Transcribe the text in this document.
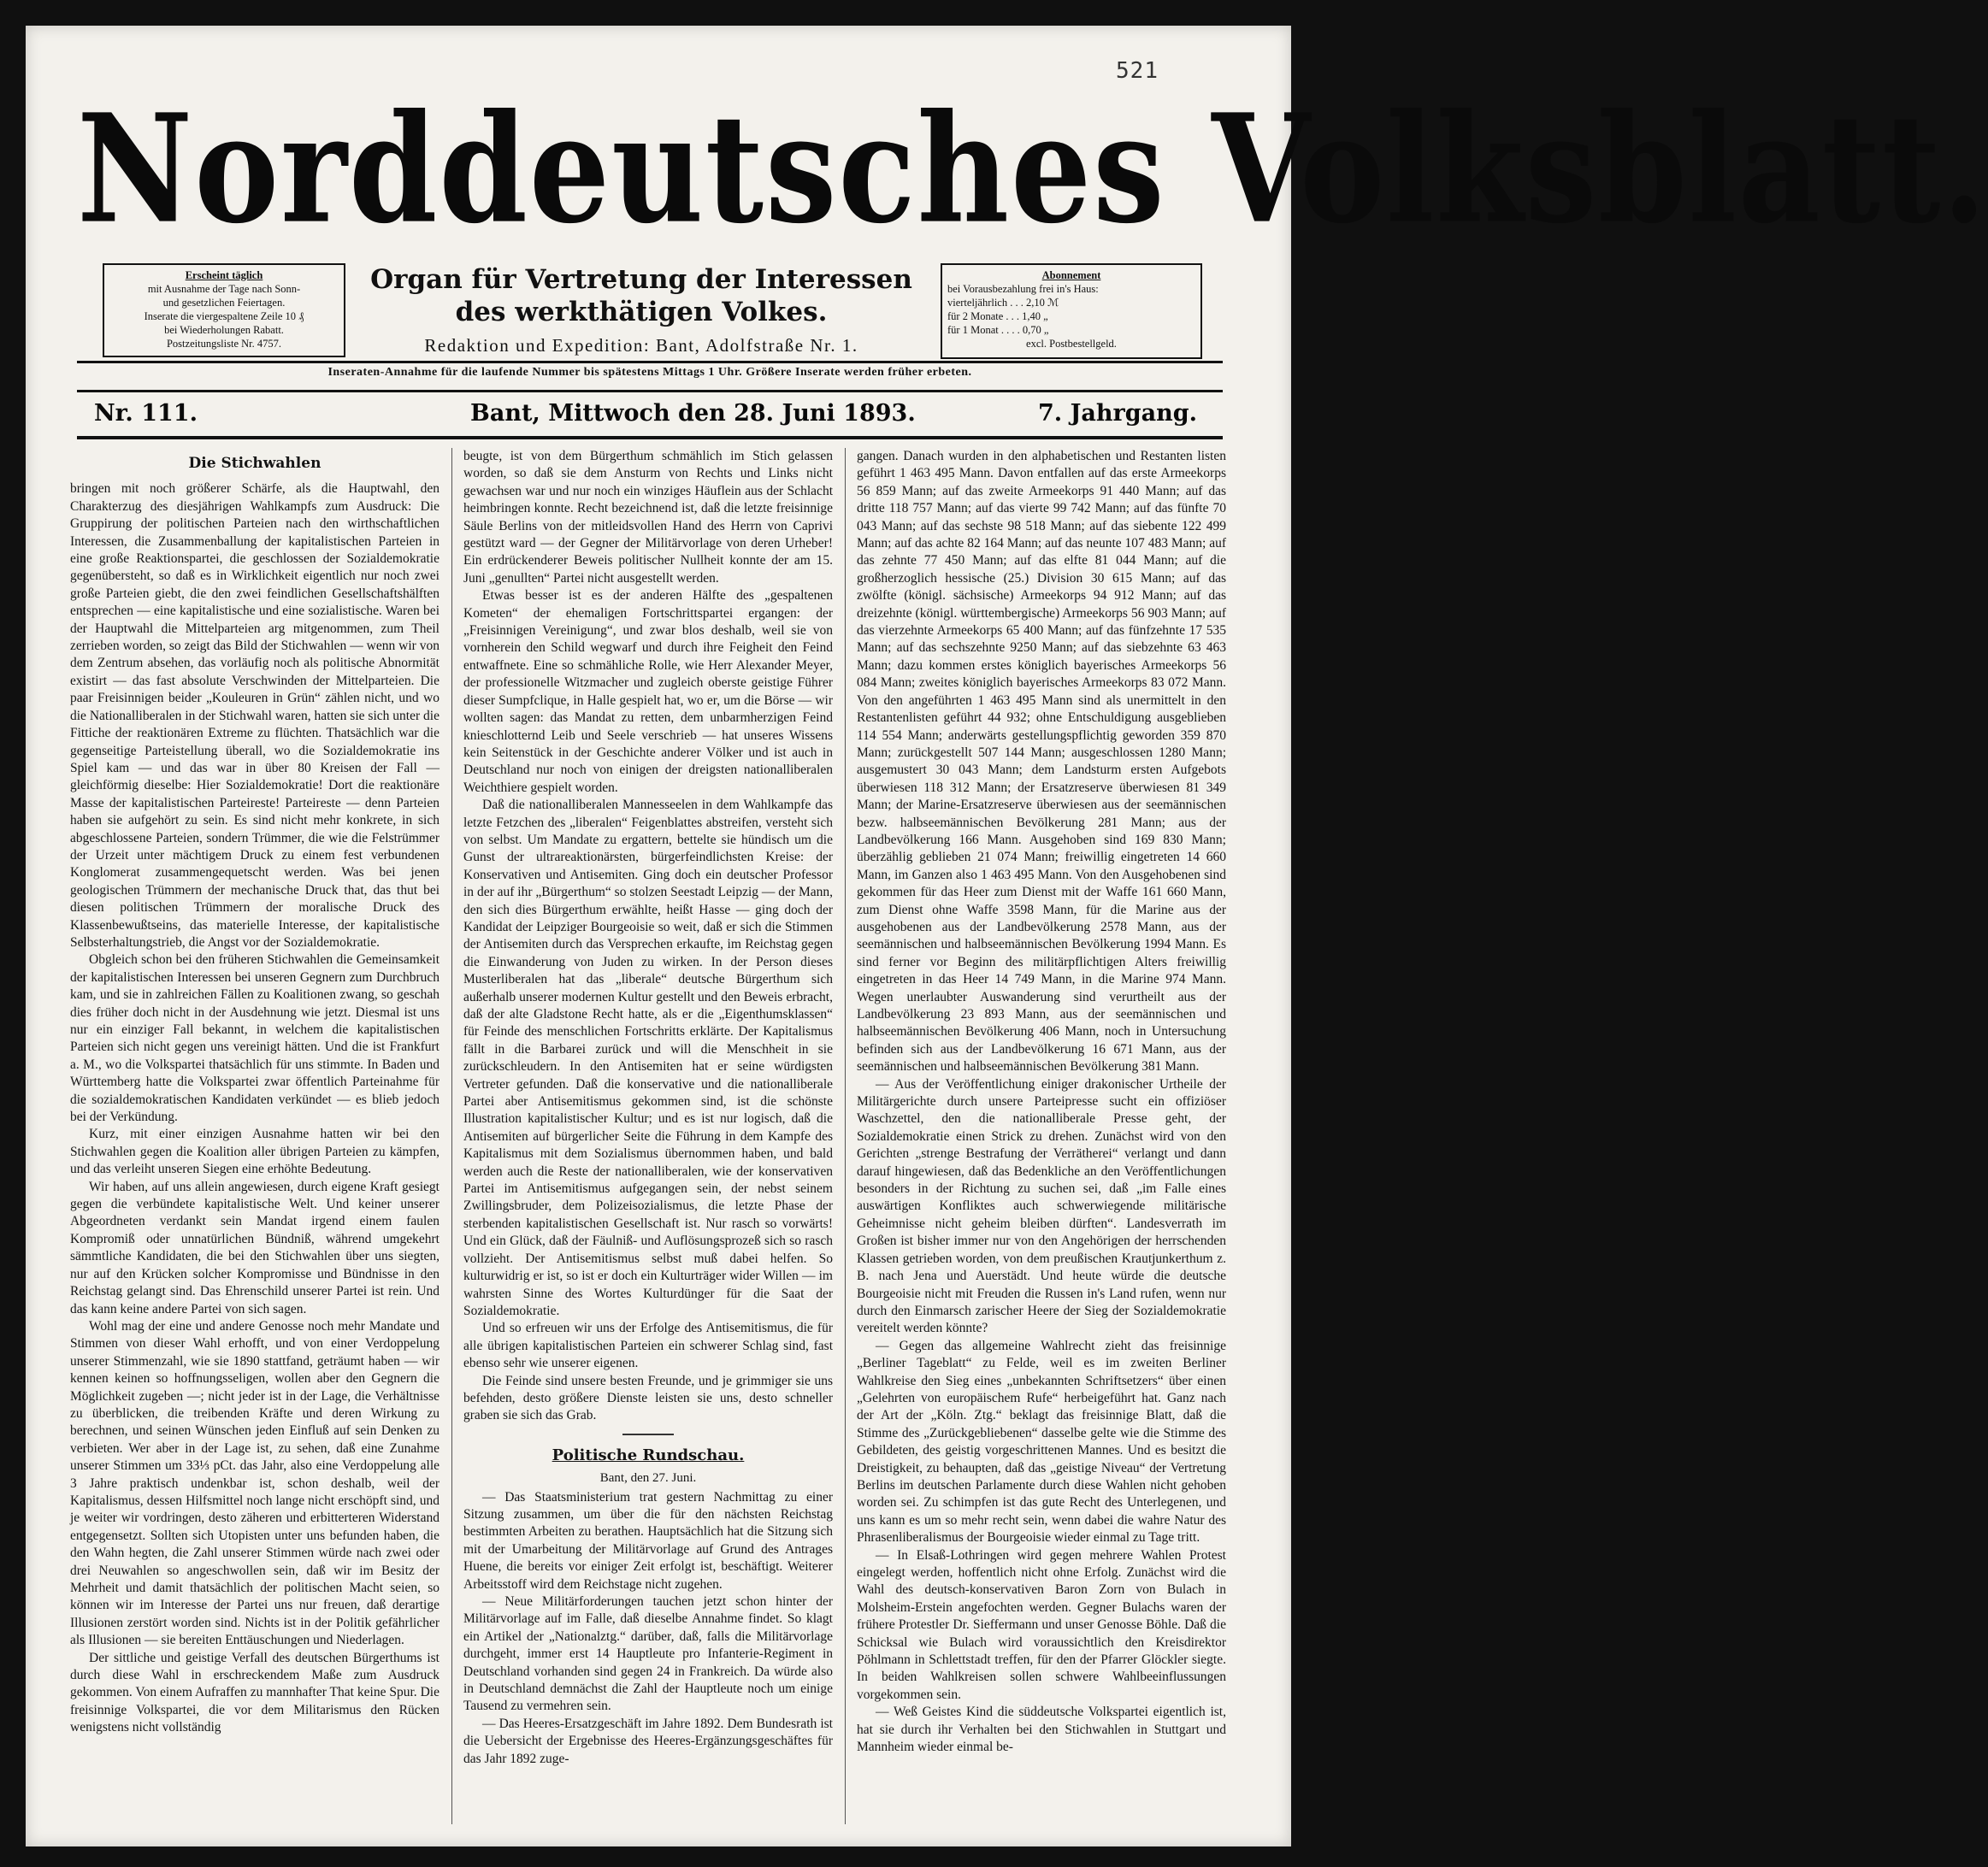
521
Norddeutsches Volksblatt.
Erscheint täglich
mit Ausnahme der Tage nach Sonn-
und gesetzlichen Feiertagen.
Inserate die viergespaltene Zeile 10 ₰
bei Wiederholungen Rabatt.
Postzeitungsliste Nr. 4757.
Organ für Vertretung der Interessen
des werkthätigen Volkes.
Redaktion und Expedition: Bant, Adolfstraße Nr. 1.
Abonnement
bei Vorausbezahlung frei in's Haus:
vierteljährlich . . . 2,10 ℳ
für 2 Monate . . . 1,40 „
für 1 Monat . . . . 0,70 „
excl. Postbestellgeld.
Inseraten-Annahme für die laufende Nummer bis spätestens Mittags 1 Uhr. Größere Inserate werden früher erbeten.
Nr. 111.	Bant, Mittwoch den 28. Juni 1893.	7. Jahrgang.
Die Stichwahlen

bringen mit noch größerer Schärfe, als die Hauptwahl, den Charakterzug des diesjährigen Wahlkampfs zum Ausdruck: Die Gruppirung der politischen Parteien nach den wirthschaftlichen Interessen, die Zusammenballung der kapitalistischen Parteien in eine große Reaktionspartei, die geschlossen der Sozialdemokratie gegenübersteht, so daß es in Wirklichkeit eigentlich nur noch zwei große Parteien giebt, die den zwei feindlichen Gesellschaftshälften entsprechen — eine kapitalistische und eine sozialistische. Waren bei der Hauptwahl die Mittelparteien arg mitgenommen, zum Theil zerrieben worden, so zeigt das Bild der Stichwahlen — wenn wir von dem Zentrum absehen, das vorläufig noch als politische Abnormität existirt — das fast absolute Verschwinden der Mittelparteien. Die paar Freisinnigen beider „Kouleuren in Grün“ zählen nicht, und wo die Nationalliberalen in der Stichwahl waren, hatten sie sich unter die Fittiche der reaktionären Extreme zu flüchten. Thatsächlich war die gegenseitige Parteistellung überall, wo die Sozialdemokratie ins Spiel kam — und das war in über 80 Kreisen der Fall — gleichförmig dieselbe: Hier Sozialdemokratie! Dort die reaktionäre Masse der kapitalistischen Parteireste! Parteireste — denn Parteien haben sie aufgehört zu sein. Es sind nicht mehr konkrete, in sich abgeschlossene Parteien, sondern Trümmer, die wie die Felstrümmer der Urzeit unter mächtigem Druck zu einem fest verbundenen Konglomerat zusammengequetscht werden. Was bei jenen geologischen Trümmern der mechanische Druck that, das thut bei diesen politischen Trümmern der moralische Druck des Klassenbewußtseins, das materielle Interesse, der kapitalistische Selbsterhaltungstrieb, die Angst vor der Sozialdemokratie.

Obgleich schon bei den früheren Stichwahlen die Gemeinsamkeit der kapitalistischen Interessen bei unseren Gegnern zum Durchbruch kam, und sie in zahlreichen Fällen zu Koalitionen zwang, so geschah dies früher doch nicht in der Ausdehnung wie jetzt. Diesmal ist uns nur ein einziger Fall bekannt, in welchem die kapitalistischen Parteien sich nicht gegen uns vereinigt hätten. Und die ist Frankfurt a. M., wo die Volkspartei thatsächlich für uns stimmte. In Baden und Württemberg hatte die Volkspartei zwar öffentlich Parteinahme für die sozialdemokratischen Kandidaten verkündet — es blieb jedoch bei der Verkündung.

Kurz, mit einer einzigen Ausnahme hatten wir bei den Stichwahlen gegen die Koalition aller übrigen Parteien zu kämpfen, und das verleiht unseren Siegen eine erhöhte Bedeutung.

Wir haben, auf uns allein angewiesen, durch eigene Kraft gesiegt gegen die verbündete kapitalistische Welt. Und keiner unserer Abgeordneten verdankt sein Mandat irgend einem faulen Kompromiß oder unnatürlichen Bündniß, während umgekehrt sämmtliche Kandidaten, die bei den Stichwahlen über uns siegten, nur auf den Krücken solcher Kompromisse und Bündnisse in den Reichstag gelangt sind. Das Ehrenschild unserer Partei ist rein. Und das kann keine andere Partei von sich sagen.

Wohl mag der eine und andere Genosse noch mehr Mandate und Stimmen von dieser Wahl erhofft, und von einer Verdoppelung unserer Stimmenzahl, wie sie 1890 stattfand, geträumt haben — wir kennen keinen so hoffnungsseligen, wollen aber den Gegnern die Möglichkeit zugeben —; nicht jeder ist in der Lage, die Verhältnisse zu überblicken, die treibenden Kräfte und deren Wirkung zu berechnen, und seinen Wünschen jeden Einfluß auf sein Denken zu verbieten. Wer aber in der Lage ist, zu sehen, daß eine Zunahme unserer Stimmen um 33⅓ pCt. das Jahr, also eine Verdoppelung alle 3 Jahre praktisch undenkbar ist, schon deshalb, weil der Kapitalismus, dessen Hilfsmittel noch lange nicht erschöpft sind, und je weiter wir vordringen, desto zäheren und erbitterteren Widerstand entgegensetzt. Sollten sich Utopisten unter uns befunden haben, die den Wahn hegten, die Zahl unserer Stimmen würde nach zwei oder drei Neuwahlen so angeschwollen sein, daß wir im Besitz der Mehrheit und damit thatsächlich der politischen Macht seien, so können wir im Interesse der Partei uns nur freuen, daß derartige Illusionen zerstört worden sind. Nichts ist in der Politik gefährlicher als Illusionen — sie bereiten Enttäuschungen und Niederlagen.

Der sittliche und geistige Verfall des deutschen Bürgerthums ist durch diese Wahl in erschreckendem Maße zum Ausdruck gekommen. Von einem Aufraffen zu mannhafter That keine Spur. Die freisinnige Volkspartei, die vor dem Militarismus den Rücken wenigstens nicht vollständig

beugte, ist von dem Bürgerthum schmählich im Stich gelassen worden, so daß sie dem Ansturm von Rechts und Links nicht gewachsen war und nur noch ein winziges Häuflein aus der Schlacht heimbringen konnte. Recht bezeichnend ist, daß die letzte freisinnige Säule Berlins von der mitleidsvollen Hand des Herrn von Caprivi gestützt ward — der Gegner der Militärvorlage von deren Urheber! Ein erdrückenderer Beweis politischer Nullheit konnte der am 15. Juni „genullten“ Partei nicht ausgestellt werden.

Etwas besser ist es der anderen Hälfte des „gespaltenen Kometen“ der ehemaligen Fortschrittspartei ergangen: der „Freisinnigen Vereinigung“, und zwar blos deshalb, weil sie von vornherein den Schild wegwarf und durch ihre Feigheit den Feind entwaffnete. Eine so schmähliche Rolle, wie Herr Alexander Meyer, der professionelle Witzmacher und zugleich oberste geistige Führer dieser Sumpfclique, in Halle gespielt hat, wo er, um die Börse — wir wollten sagen: das Mandat zu retten, dem unbarmherzigen Feind knieschlotternd Leib und Seele verschrieb — hat unseres Wissens kein Seitenstück in der Geschichte anderer Völker und ist auch in Deutschland nur noch von einigen der dreigsten nationalliberalen Weichthiere gespielt worden.

Daß die nationalliberalen Mannesseelen in dem Wahlkampfe das letzte Fetzchen des „liberalen“ Feigenblattes abstreifen, versteht sich von selbst. Um Mandate zu ergattern, bettelte sie hündisch um die Gunst der ultrareaktionärsten, bürgerfeindlichsten Kreise: der Konservativen und Antisemiten. Ging doch ein deutscher Professor in der auf ihr „Bürgerthum“ so stolzen Seestadt Leipzig — der Mann, den sich dies Bürgerthum erwählte, heißt Hasse — ging doch der Kandidat der Leipziger Bourgeoisie so weit, daß er sich die Stimmen der Antisemiten durch das Versprechen erkaufte, im Reichstag gegen die Einwanderung von Juden zu wirken. In der Person dieses Musterliberalen hat das „liberale“ deutsche Bürgerthum sich außerhalb unserer modernen Kultur gestellt und den Beweis erbracht, daß der alte Gladstone Recht hatte, als er die „Eigenthumsklassen“ für Feinde des menschlichen Fortschritts erklärte. Der Kapitalismus fällt in die Barbarei zurück und will die Menschheit in sie zurückschleudern. In den Antisemiten hat er seine würdigsten Vertreter gefunden. Daß die konservative und die nationalliberale Partei aber Antisemitismus gekommen sind, ist die schönste Illustration kapitalistischer Kultur; und es ist nur logisch, daß die Antisemiten auf bürgerlicher Seite die Führung in dem Kampfe des Kapitalismus mit dem Sozialismus übernommen haben, und bald werden auch die Reste der nationalliberalen, wie der konservativen Partei im Antisemitismus aufgegangen sein, der nebst seinem Zwillingsbruder, dem Polizeisozialismus, die letzte Phase der sterbenden kapitalistischen Gesellschaft ist. Nur rasch so vorwärts! Und ein Glück, daß der Fäulniß- und Auflösungsprozeß sich so rasch vollzieht. Der Antisemitismus selbst muß dabei helfen. So kulturwidrig er ist, so ist er doch ein Kulturträger wider Willen — im wahrsten Sinne des Wortes Kulturdünger für die Saat der Sozialdemokratie.

Und so erfreuen wir uns der Erfolge des Antisemitismus, die für alle übrigen kapitalistischen Parteien ein schwerer Schlag sind, fast ebenso sehr wie unserer eigenen.

Die Feinde sind unsere besten Freunde, und je grimmiger sie uns befehden, desto größere Dienste leisten sie uns, desto schneller graben sie sich das Grab.

Politische Rundschau.
Bant, den 27. Juni.

— Das Staatsministerium trat gestern Nachmittag zu einer Sitzung zusammen, um über die für den nächsten Reichstag bestimmten Arbeiten zu berathen. Hauptsächlich hat die Sitzung sich mit der Umarbeitung der Militärvorlage auf Grund des Antrages Huene, die bereits vor einiger Zeit erfolgt ist, beschäftigt. Weiterer Arbeitsstoff wird dem Reichstage nicht zugehen.

— Neue Militärforderungen tauchen jetzt schon hinter der Militärvorlage auf im Falle, daß dieselbe Annahme findet. So klagt ein Artikel der „Nationalztg.“ darüber, daß, falls die Militärvorlage durchgeht, immer erst 14 Hauptleute pro Infanterie-Regiment in Deutschland vorhanden sind gegen 24 in Frankreich. Da würde also in Deutschland demnächst die Zahl der Hauptleute noch um einige Tausend zu vermehren sein.

— Das Heeres-Ersatzgeschäft im Jahre 1892. Dem Bundesrath ist die Uebersicht der Ergebnisse des Heeres-Ergänzungsgeschäftes für das Jahr 1892 zuge-

gangen. Danach wurden in den alphabetischen und Restanten listen geführt 1 463 495 Mann. Davon entfallen auf das erste Armeekorps 56 859 Mann; auf das zweite Armeekorps 91 440 Mann; auf das dritte 118 757 Mann; auf das vierte 99 742 Mann; auf das fünfte 70 043 Mann; auf das sechste 98 518 Mann; auf das siebente 122 499 Mann; auf das achte 82 164 Mann; auf das neunte 107 483 Mann; auf das zehnte 77 450 Mann; auf das elfte 81 044 Mann; auf die großherzoglich hessische (25.) Division 30 615 Mann; auf das zwölfte (königl. sächsische) Armeekorps 94 912 Mann; auf das dreizehnte (königl. württembergische) Armeekorps 56 903 Mann; auf das vierzehnte Armeekorps 65 400 Mann; auf das fünfzehnte 17 535 Mann; auf das sechszehnte 9250 Mann; auf das siebzehnte 63 463 Mann; dazu kommen erstes königlich bayerisches Armeekorps 56 084 Mann; zweites königlich bayerisches Armeekorps 83 072 Mann. Von den angeführten 1 463 495 Mann sind als unermittelt in den Restantenlisten geführt 44 932; ohne Entschuldigung ausgeblieben 114 554 Mann; anderwärts gestellungspflichtig geworden 359 870 Mann; zurückgestellt 507 144 Mann; ausgeschlossen 1280 Mann; ausgemustert 30 043 Mann; dem Landsturm ersten Aufgebots überwiesen 118 312 Mann; der Ersatzreserve überwiesen 81 349 Mann; der Marine-Ersatzreserve überwiesen aus der seemännischen bezw. halbseemännischen Bevölkerung 281 Mann; aus der Landbevölkerung 166 Mann. Ausgehoben sind 169 830 Mann; überzählig geblieben 21 074 Mann; freiwillig eingetreten 14 660 Mann, im Ganzen also 1 463 495 Mann. Von den Ausgehobenen sind gekommen für das Heer zum Dienst mit der Waffe 161 660 Mann, zum Dienst ohne Waffe 3598 Mann, für die Marine aus der ausgehobenen aus der Landbevölkerung 2578 Mann, aus der seemännischen und halbseemännischen Bevölkerung 1994 Mann. Es sind ferner vor Beginn des militärpflichtigen Alters freiwillig eingetreten in das Heer 14 749 Mann, in die Marine 974 Mann. Wegen unerlaubter Auswanderung sind verurtheilt aus der Landbevölkerung 23 893 Mann, aus der seemännischen und halbseemännischen Bevölkerung 406 Mann, noch in Untersuchung befinden sich aus der Landbevölkerung 16 671 Mann, aus der seemännischen und halbseemännischen Bevölkerung 381 Mann.

— Aus der Veröffentlichung einiger drakonischer Urtheile der Militärgerichte durch unsere Parteipresse sucht ein offiziöser Waschzettel, den die nationalliberale Presse geht, der Sozialdemokratie einen Strick zu drehen. Zunächst wird von den Gerichten „strenge Bestrafung der Verrätherei“ verlangt und dann darauf hingewiesen, daß das Bedenkliche an den Veröffentlichungen besonders in der Richtung zu suchen sei, daß „im Falle eines auswärtigen Konfliktes auch schwerwiegende militärische Geheimnisse nicht geheim bleiben dürften“. Landesverrath im Großen ist bisher immer nur von den Angehörigen der herrschenden Klassen getrieben worden, von dem preußischen Krautjunkerthum z. B. nach Jena und Auerstädt. Und heute würde die deutsche Bourgeoisie nicht mit Freuden die Russen in's Land rufen, wenn nur durch den Einmarsch zarischer Heere der Sieg der Sozialdemokratie vereitelt werden könnte?

— Gegen das allgemeine Wahlrecht zieht das freisinnige „Berliner Tageblatt“ zu Felde, weil es im zweiten Berliner Wahlkreise den Sieg eines „unbekannten Schriftsetzers“ über einen „Gelehrten von europäischem Rufe“ herbeigeführt hat. Ganz nach der Art der „Köln. Ztg.“ beklagt das freisinnige Blatt, daß die Stimme des „Zurückgebliebenen“ dasselbe gelte wie die Stimme des Gebildeten, des geistig vorgeschrittenen Mannes. Und es besitzt die Dreistigkeit, zu behaupten, daß das „geistige Niveau“ der Vertretung Berlins im deutschen Parlamente durch diese Wahlen nicht gehoben worden sei. Zu schimpfen ist das gute Recht des Unterlegenen, und uns kann es um so mehr recht sein, wenn dabei die wahre Natur des Phrasenliberalismus der Bourgeoisie wieder einmal zu Tage tritt.

— In Elsaß-Lothringen wird gegen mehrere Wahlen Protest eingelegt werden, hoffentlich nicht ohne Erfolg. Zunächst wird die Wahl des deutsch-konservativen Baron Zorn von Bulach in Molsheim-Erstein angefochten werden. Gegner Bulachs waren der frühere Protestler Dr. Sieffermann und unser Genosse Böhle. Daß die Schicksal wie Bulach wird voraussichtlich den Kreisdirektor Pöhlmann in Schlettstadt treffen, für den der Pfarrer Glöckler siegte. In beiden Wahlkreisen sollen schwere Wahlbeeinflussungen vorgekommen sein.

— Weß Geistes Kind die süddeutsche Volkspartei eigentlich ist, hat sie durch ihr Verhalten bei den Stichwahlen in Stuttgart und Mannheim wieder einmal be-
